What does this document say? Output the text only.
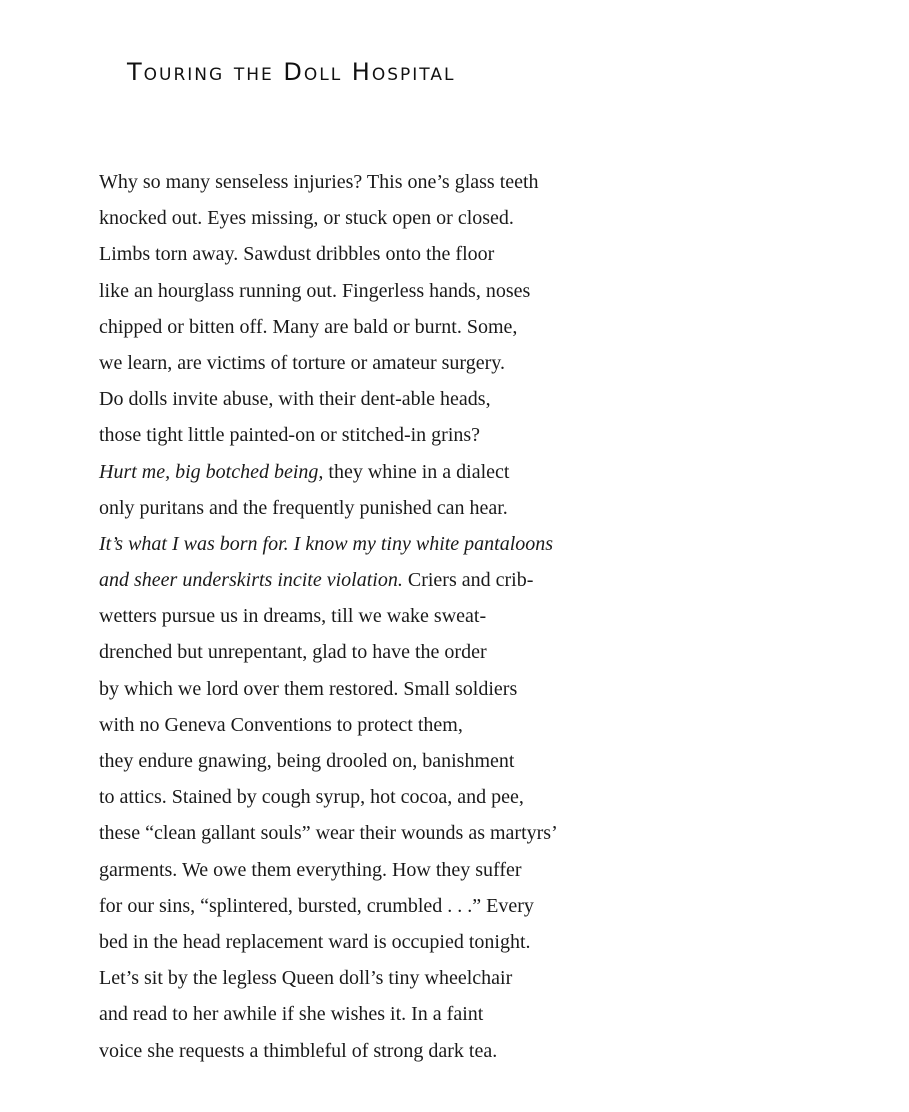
Touring the Doll Hospital
Why so many senseless injuries? This one’s glass teeth
knocked out. Eyes missing, or stuck open or closed.
Limbs torn away. Sawdust dribbles onto the floor
like an hourglass running out. Fingerless hands, noses
chipped or bitten off. Many are bald or burnt. Some,
we learn, are victims of torture or amateur surgery.
Do dolls invite abuse, with their dent-able heads,
those tight little painted-on or stitched-in grins?
Hurt me, big botched being, they whine in a dialect
only puritans and the frequently punished can hear.
It’s what I was born for. I know my tiny white pantaloons
and sheer underskirts incite violation. Criers and crib-
wetters pursue us in dreams, till we wake sweat-
drenched but unrepentant, glad to have the order
by which we lord over them restored. Small soldiers
with no Geneva Conventions to protect them,
they endure gnawing, being drooled on, banishment
to attics. Stained by cough syrup, hot cocoa, and pee,
these “clean gallant souls” wear their wounds as martyrs’
garments. We owe them everything. How they suffer
for our sins, “splintered, bursted, crumbled . . .” Every
bed in the head replacement ward is occupied tonight.
Let’s sit by the legless Queen doll’s tiny wheelchair
and read to her awhile if she wishes it. In a faint
voice she requests a thimbleful of strong dark tea.
